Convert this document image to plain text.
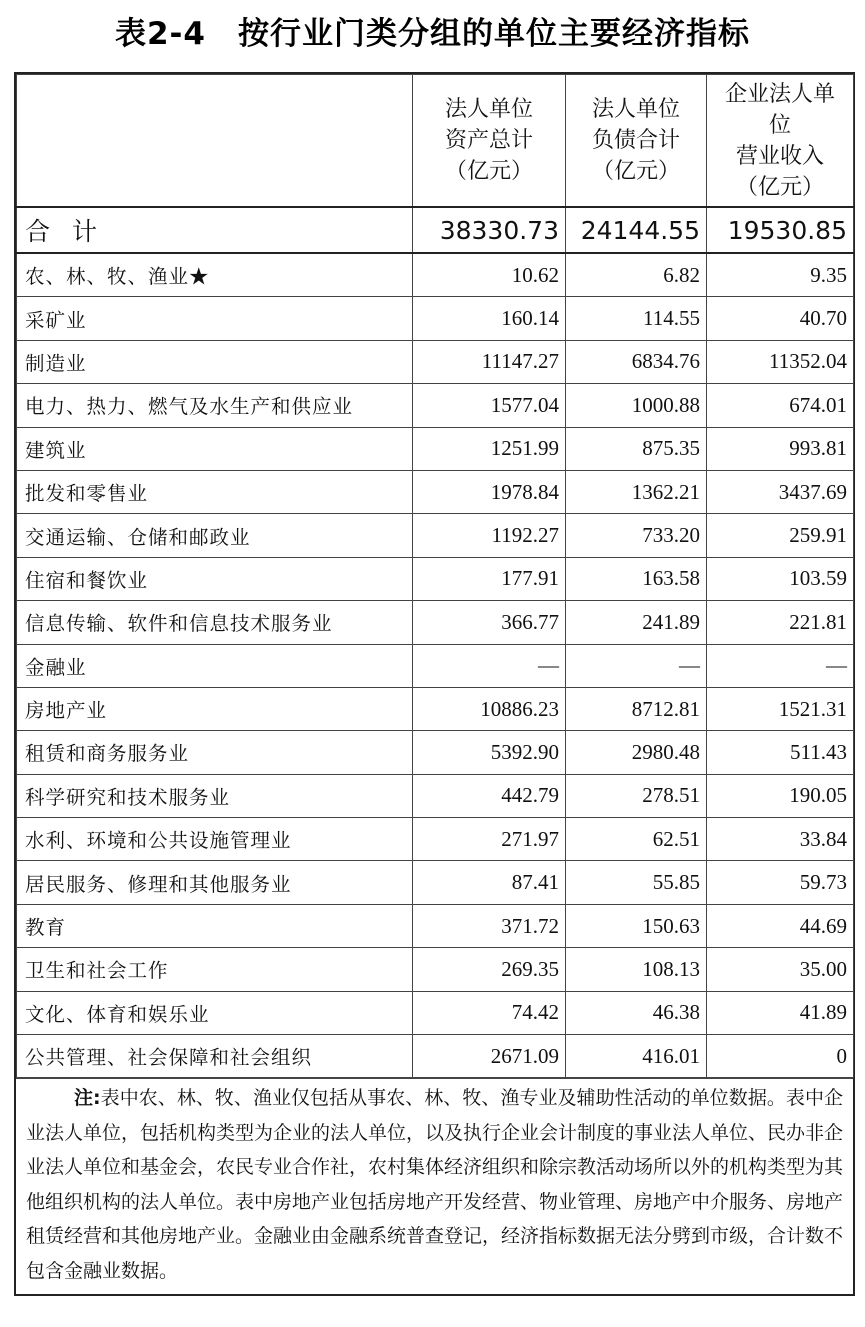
表2-4　按行业门类分组的单位主要经济指标

	法人单位
资产总计
（亿元）	法人单位
负债合计
（亿元）	企业法人单
位
营业收入
（亿元）

合计	38330.73	24144.55	19530.85
农、林、牧、渔业★	10.62	6.82	9.35
采矿业	160.14	114.55	40.70
制造业	11147.27	6834.76	11352.04
电力、热力、燃气及水生产和供应业	1577.04	1000.88	674.01
建筑业	1251.99	875.35	993.81
批发和零售业	1978.84	1362.21	3437.69
交通运输、仓储和邮政业	1192.27	733.20	259.91
住宿和餐饮业	177.91	163.58	103.59
信息传输、软件和信息技术服务业	366.77	241.89	221.81
金融业	—	—	—
房地产业	10886.23	8712.81	1521.31
租赁和商务服务业	5392.90	2980.48	511.43
科学研究和技术服务业	442.79	278.51	190.05
水利、环境和公共设施管理业	271.97	62.51	33.84
居民服务、修理和其他服务业	87.41	55.85	59.73
教育	371.72	150.63	44.69
卫生和社会工作	269.35	108.13	35.00
文化、体育和娱乐业	74.42	46.38	41.89
公共管理、社会保障和社会组织	2671.09	416.01	0
注:表中农、林、牧、渔业仅包括从事农、林、牧、渔专业及辅助性活动的单位数据。表中企业法人单位，包括机构类型为企业的法人单位，以及执行企业会计制度的事业法人单位、民办非企业法人单位和基金会，农民专业合作社，农村集体经济组织和除宗教活动场所以外的机构类型为其他组织机构的法人单位。表中房地产业包括房地产开发经营、物业管理、房地产中介服务、房地产租赁经营和其他房地产业。金融业由金融系统普查登记，经济指标数据无法分劈到市级，合计数不包含金融业数据。
